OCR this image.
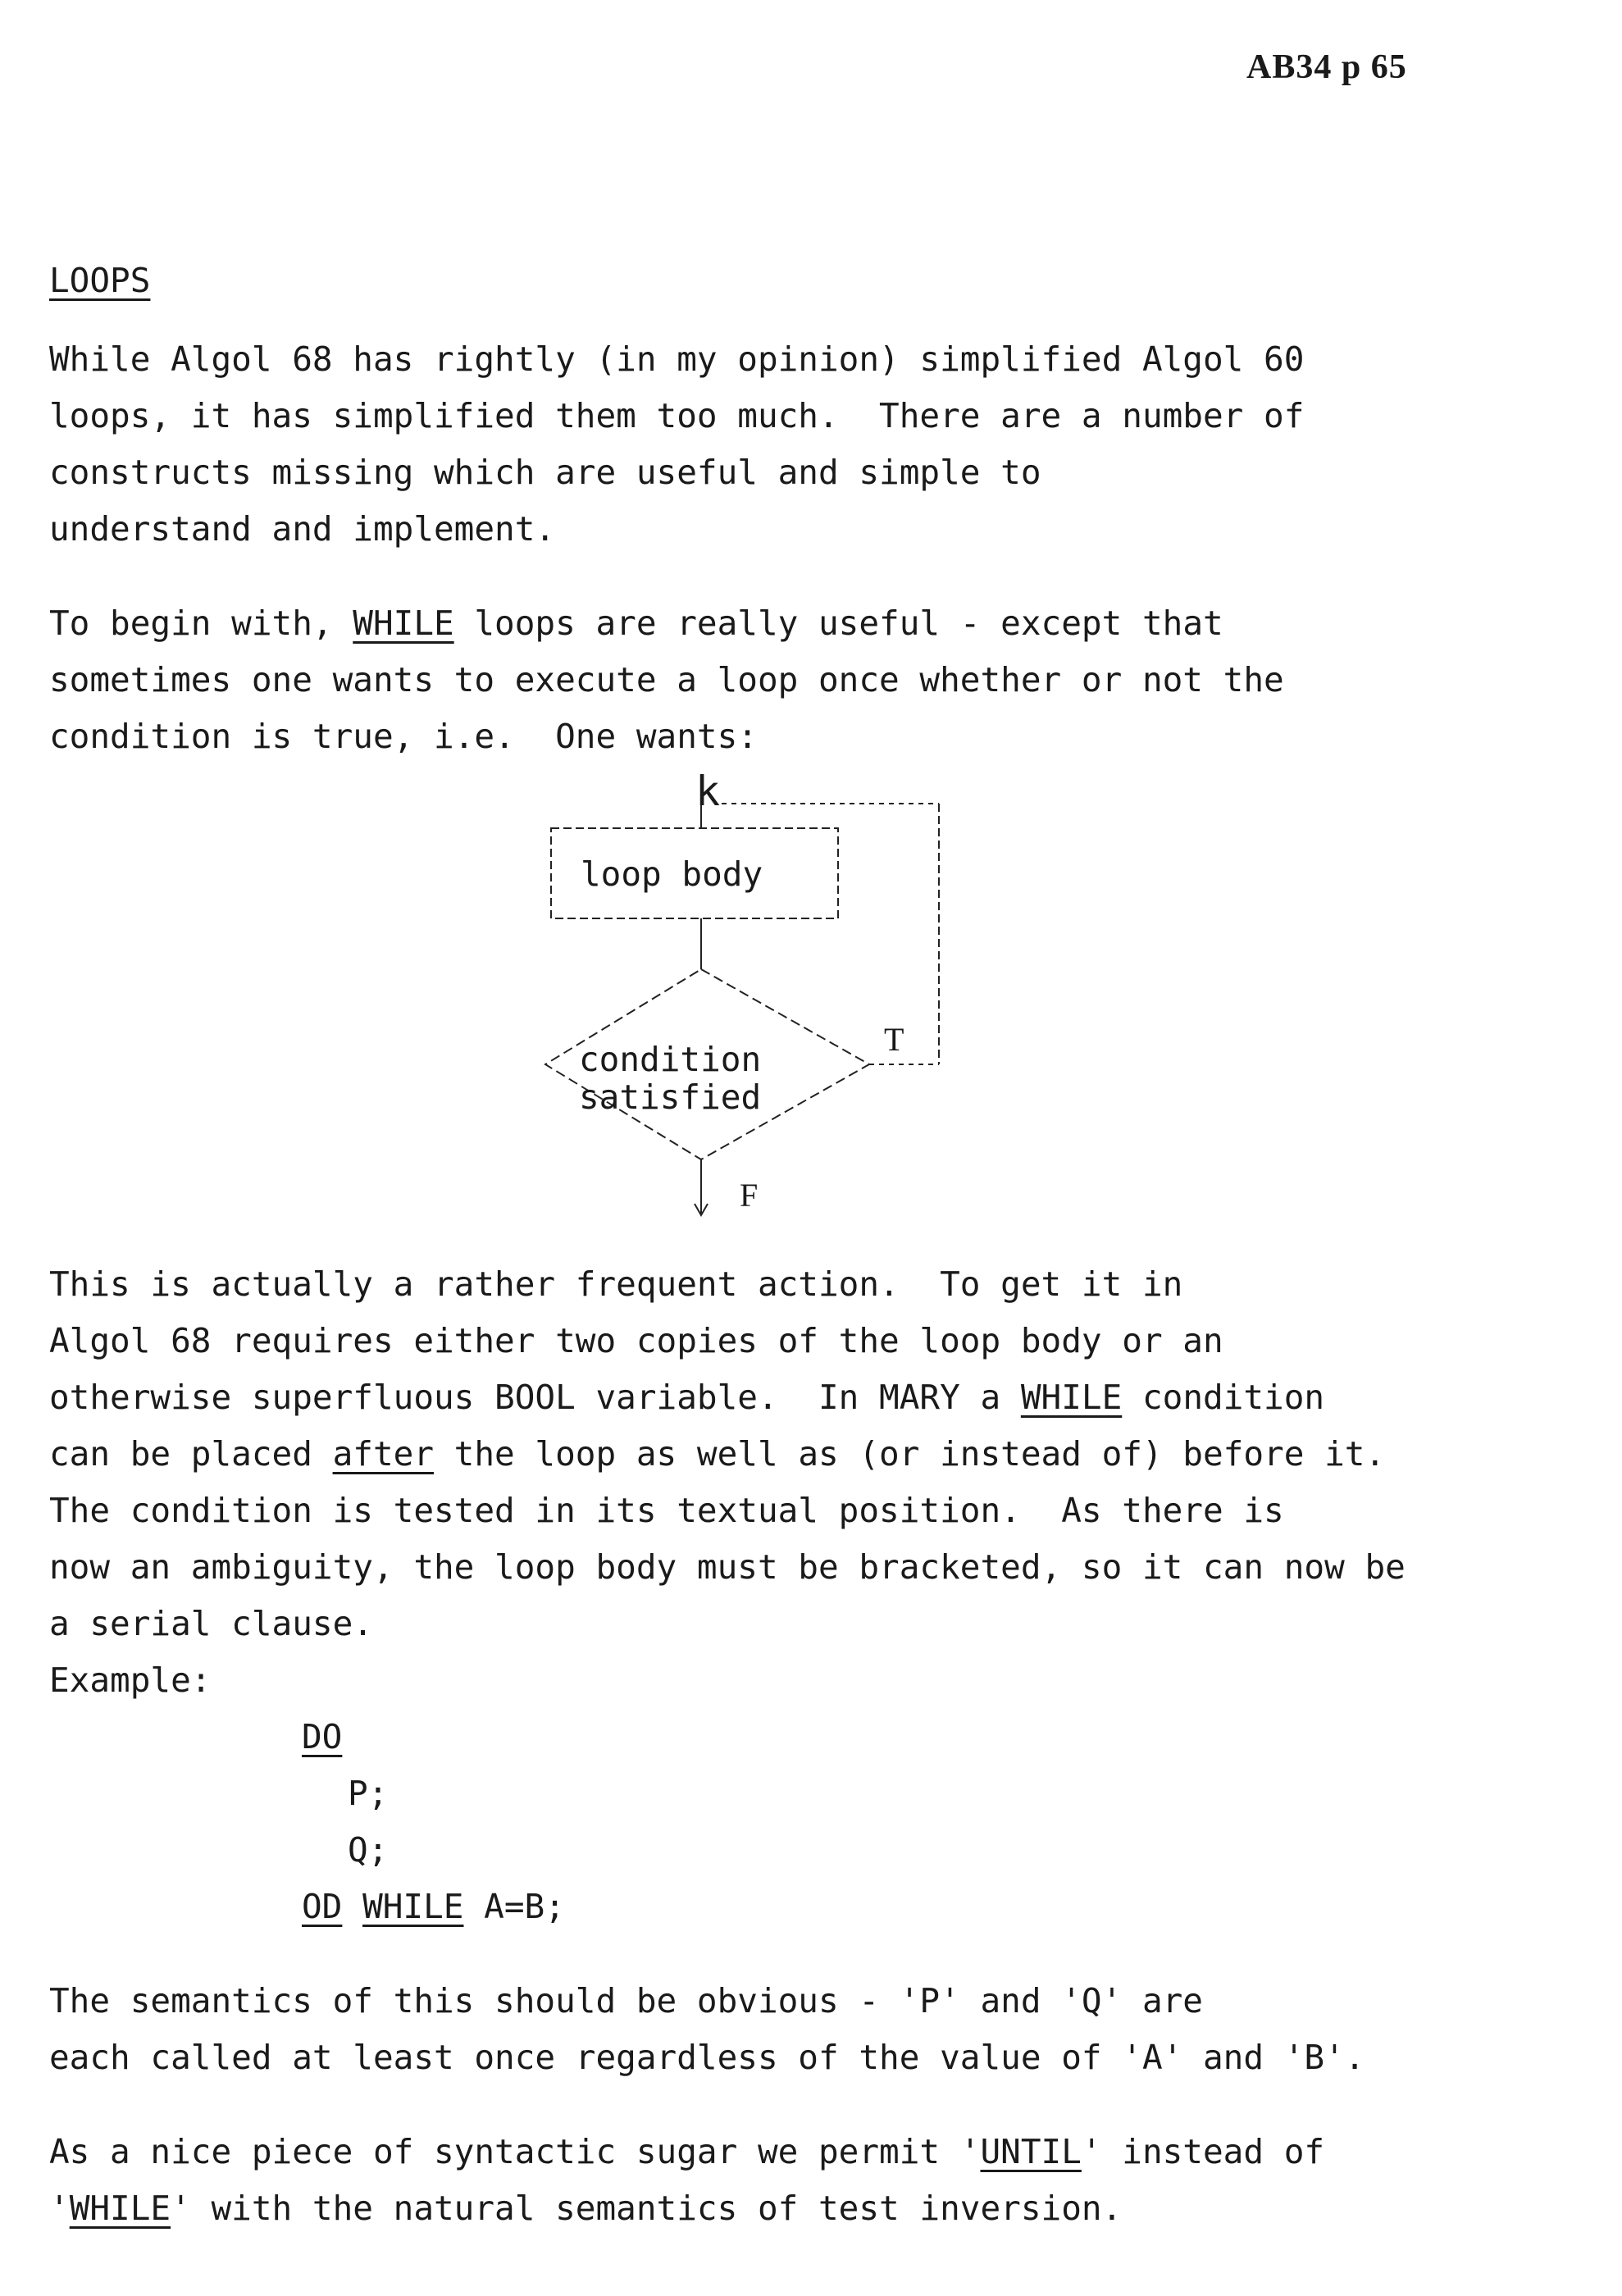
AB34 p 65
LOOPS
While Algol 68 has rightly (in my opinion) simplified Algol 60
loops, it has simplified them too much.  There are a number of
constructs missing which are useful and simple to
understand and implement.
To begin with, WHILE loops are really useful - except that
sometimes one wants to execute a loop once whether or not the
condition is true, i.e.  One wants:
k
loop body
condition
satisfied
T
F
This is actually a rather frequent action.  To get it in
Algol 68 requires either two copies of the loop body or an
otherwise superfluous BOOL variable.  In MARY a WHILE condition
can be placed after the loop as well as (or instead of) before it.
The condition is tested in its textual position.  As there is
now an ambiguity, the loop body must be bracketed, so it can now be
a serial clause.
Example:
DO
P;
Q;
OD WHILE A=B;
The semantics of this should be obvious - 'P' and 'Q' are
each called at least once regardless of the value of 'A' and 'B'.
As a nice piece of syntactic sugar we permit 'UNTIL' instead of
'WHILE' with the natural semantics of test inversion.
